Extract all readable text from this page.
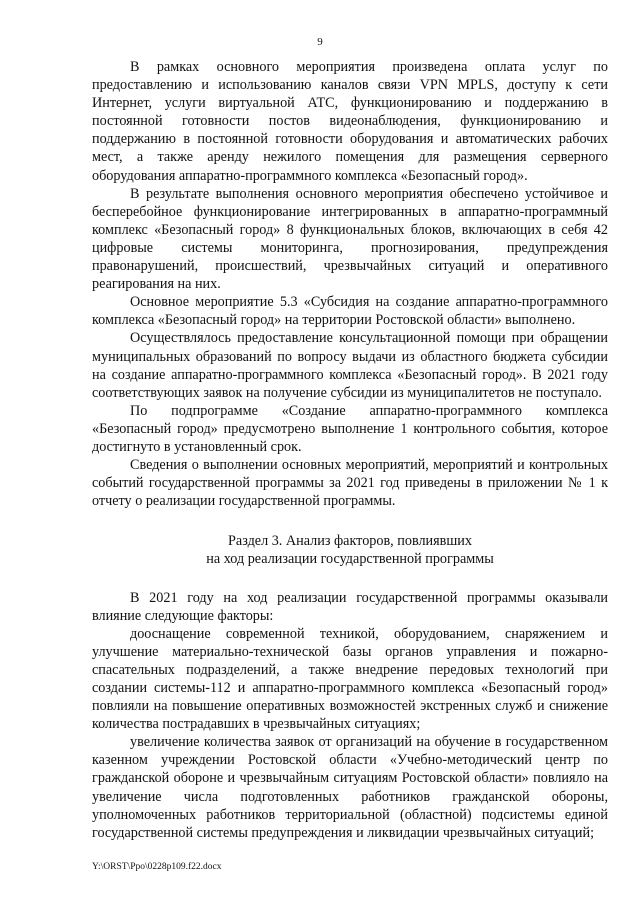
9

В рамках основного мероприятия произведена оплата услуг по предоставлению и использованию каналов связи VPN MPLS, доступу к сети Интернет, услуги виртуальной АТС, функционированию и поддержанию в постоянной готовности постов видеонаблюдения, функционированию и поддержанию в постоянной готовности оборудования и автоматических рабочих мест, а также аренду нежилого помещения для размещения серверного оборудования аппаратно-программного комплекса «Безопасный город».

В результате выполнения основного мероприятия обеспечено устойчивое и бесперебойное функционирование интегрированных в аппаратно-программный комплекс «Безопасный город» 8 функциональных блоков, включающих в себя 42 цифровые системы мониторинга, прогнозирования, предупреждения правонарушений, происшествий, чрезвычайных ситуаций и оперативного реагирования на них.

Основное мероприятие 5.3 «Субсидия на создание аппаратно-программного комплекса «Безопасный город» на территории Ростовской области» выполнено.

Осуществлялось предоставление консультационной помощи при обращении муниципальных образований по вопросу выдачи из областного бюджета субсидии на создание аппаратно-программного комплекса «Безопасный город». В 2021 году соответствующих заявок на получение субсидии из муниципалитетов не поступало.

По подпрограмме «Создание аппаратно-программного комплекса «Безопасный город» предусмотрено выполнение 1 контрольного события, которое достигнуто в установленный срок.

Сведения о выполнении основных мероприятий, мероприятий и контрольных событий государственной программы за 2021 год приведены в приложении № 1 к отчету о реализации государственной программы.

Раздел 3. Анализ факторов, повлиявших
на ход реализации государственной программы

В 2021 году на ход реализации государственной программы оказывали влияние следующие факторы:

дооснащение современной техникой, оборудованием, снаряжением и улучшение материально-технической базы органов управления и пожарно-спасательных подразделений, а также внедрение передовых технологий при создании системы-112 и аппаратно-программного комплекса «Безопасный город» повлияли на повышение оперативных возможностей экстренных служб и снижение количества пострадавших в чрезвычайных ситуациях;

увеличение количества заявок от организаций на обучение в государственном казенном учреждении Ростовской области «Учебно-методический центр по гражданской обороне и чрезвычайным ситуациям Ростовской области» повлияло на увеличение числа подготовленных работников гражданской обороны, уполномоченных работников территориальной (областной) подсистемы единой государственной системы предупреждения и ликвидации чрезвычайных ситуаций;

Y:\ORST\Ppo\0228p109.f22.docx
